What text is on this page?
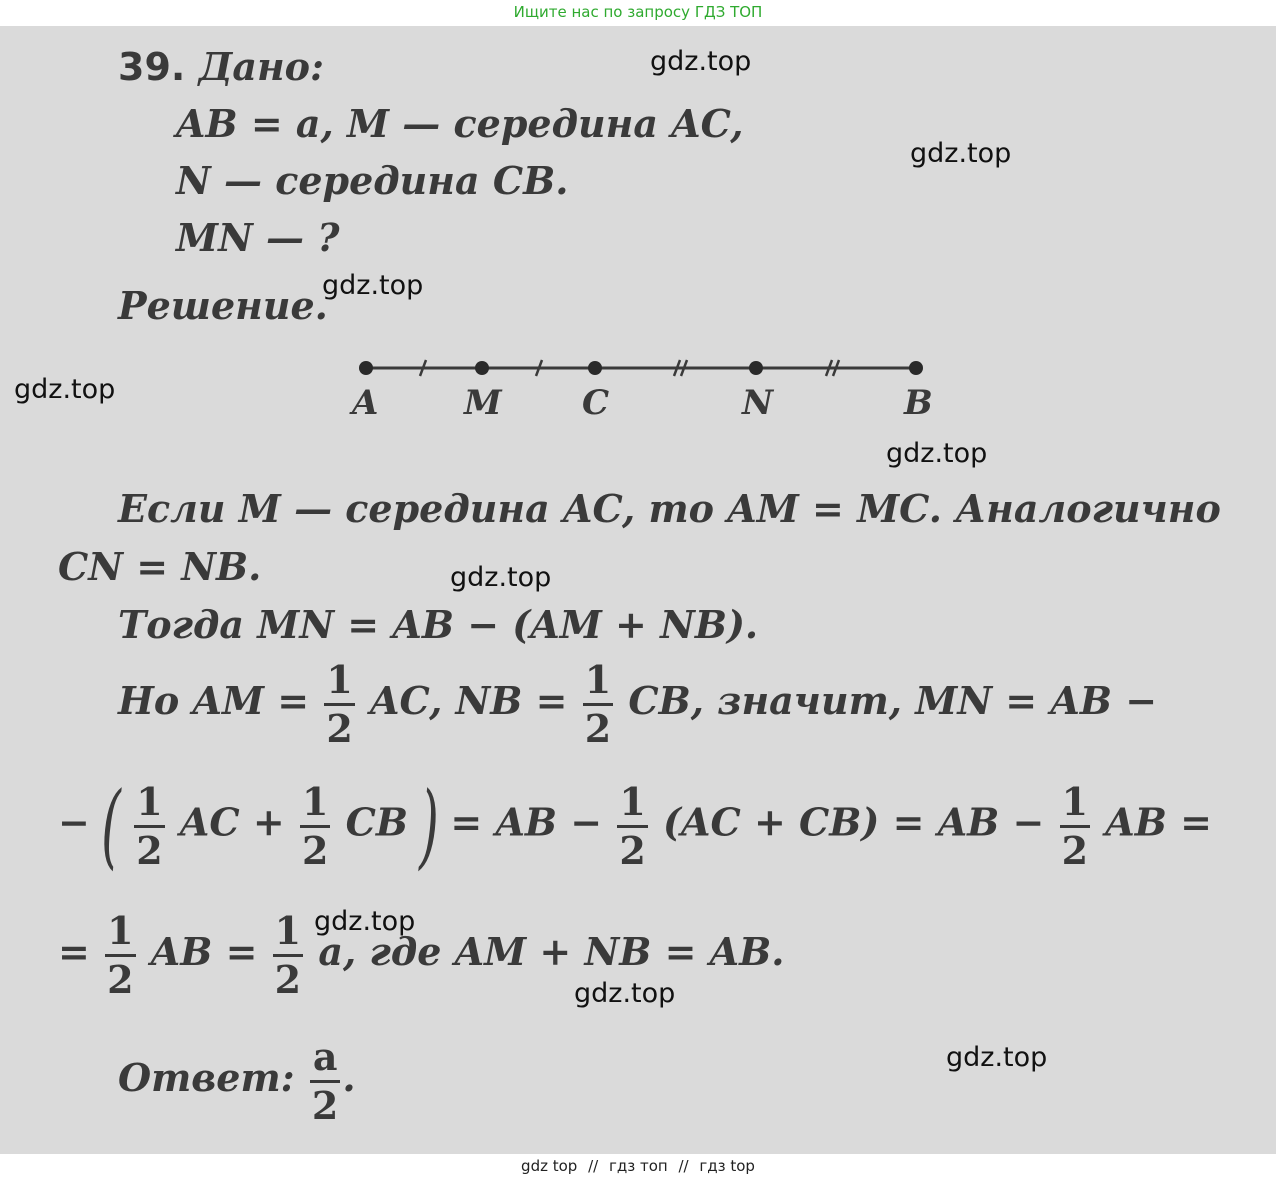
Ищите нас по запросу ГДЗ ТОП
39. Дано:
AB = a, M — середина AC,
N — середина CB.
MN — ?
Решение.
A	M C	N	B
Если M — середина AC, то AM = MC. Аналогично
CN = NB.
Тогда MN = AB − (AM + NB).
Но AM = $\frac{1}{2}$ AC, NB = $\frac{1}{2}$ CB, значит, MN = AB −
− ( $\frac{1}{2}$ AC + $\frac{1}{2}$ CB ) = AB − $\frac{1}{2} (AC + CB)$ = AB − $\frac{1}{2}$ AB =
= $\frac{1}{2}$ AB = $\frac{1}{2} a$, где AM + NB = AB.
Ответ: $\frac{a}{2}$ .
gdz.top
gdz.top
gdz.top
gdz.top
gdz.top
gdz.top
gdz.top
gdz.top
gdz.top
gdz top // гдз топ // гдз top
